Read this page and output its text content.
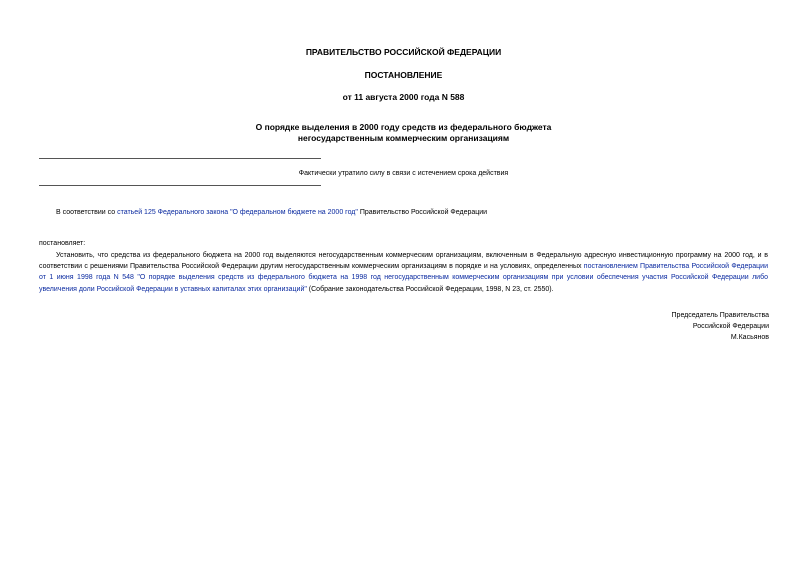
ПРАВИТЕЛЬСТВО РОССИЙСКОЙ ФЕДЕРАЦИИ
ПОСТАНОВЛЕНИЕ
от 11 августа 2000 года N 588
О порядке выделения в 2000 году средств из федерального бюджета
негосударственным коммерческим организациям
Фактически утратило силу в связи с истечением срока действия
В соответствии со статьей 125 Федерального закона "О федеральном бюджете на 2000 год" Правительство Российской Федерации
постановляет:
Установить, что средства из федерального бюджета на 2000 год выделяются негосударственным коммерческим организациям, включенным в Федеральную адресную инвестиционную программу на 2000 год, и в соответствии с решениями Правительства Российской Федерации другим негосударственным коммерческим организациям в порядке и на условиях, определенных постановлением Правительства Российской Федерации от 1 июня 1998 года N 548 "О порядке выделения средств из федерального бюджета на 1998 год негосударственным коммерческим организациям при условии обеспечения участия Российской Федерации либо увеличения доли Российской Федерации в уставных капиталах этих организаций" (Собрание законодательства Российской Федерации, 1998, N 23, ст. 2550).
Председатель Правительства
Российской Федерации
М.Касьянов
